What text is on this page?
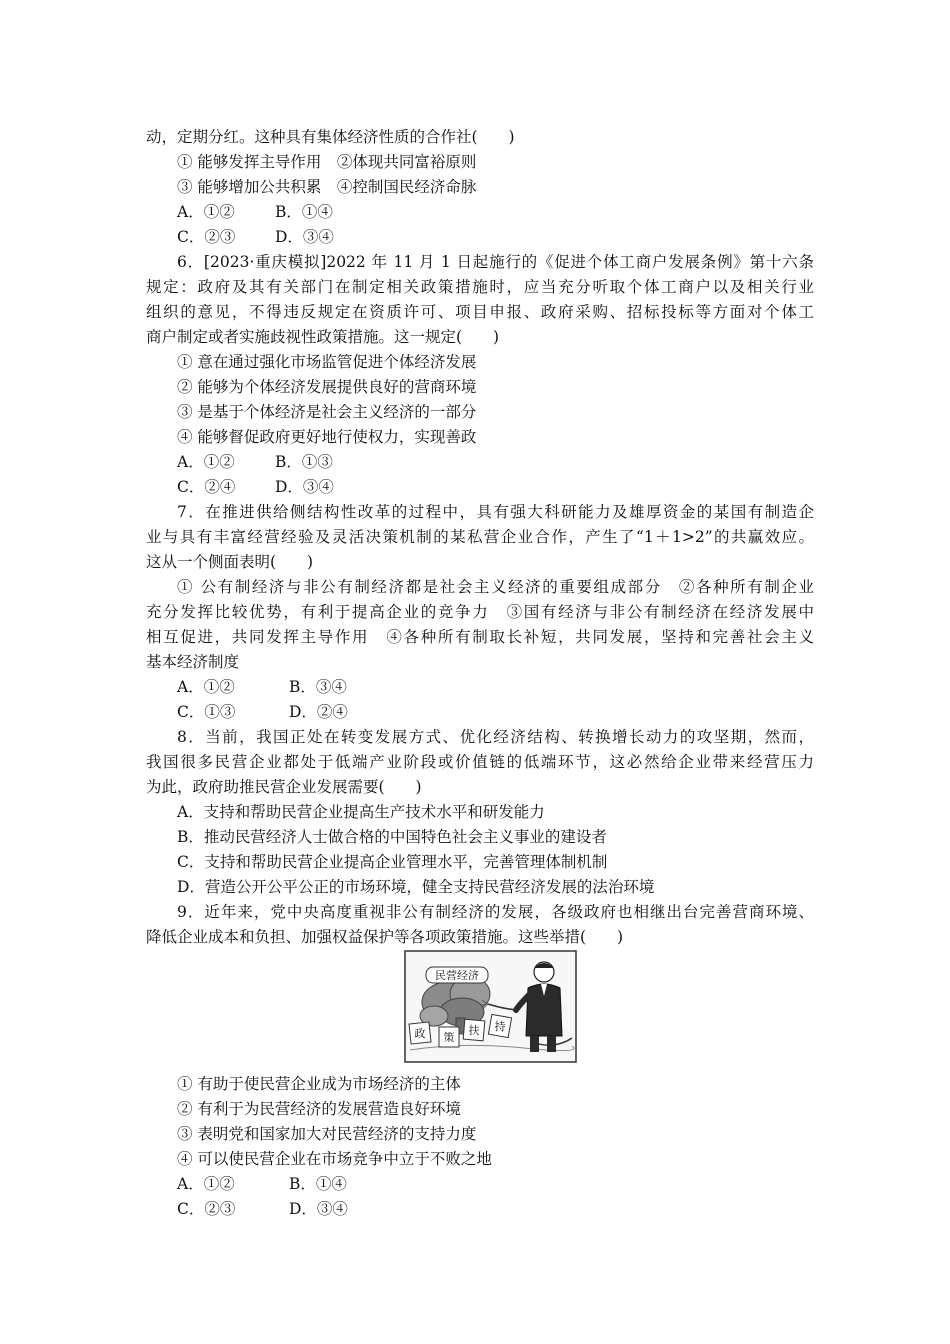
动，定期分红。这种具有集体经济性质的合作社(　　)
① 能够发挥主导作用　②体现共同富裕原则
③ 能够增加公共积累　④控制国民经济命脉
A．①②	B．①④
C．②③	D．③④
6．[2023·重庆模拟]2022 年 11 月 1 日起施行的《促进个体工商户发展条例》第十六条
规定：政府及其有关部门在制定相关政策措施时，应当充分听取个体工商户以及相关行业
组织的意见，不得违反规定在资质许可、项目申报、政府采购、招标投标等方面对个体工
商户制定或者实施歧视性政策措施。这一规定(　　)
① 意在通过强化市场监管促进个体经济发展
② 能够为个体经济发展提供良好的营商环境
③ 是基于个体经济是社会主义经济的一部分
④ 能够督促政府更好地行使权力，实现善政
A．①②	B．①③
C．②④	D．③④
7．在推进供给侧结构性改革的过程中，具有强大科研能力及雄厚资金的某国有制造企
业与具有丰富经营经验及灵活决策机制的某私营企业合作，产生了“1＋1>2”的共赢效应。
这从一个侧面表明(　　)
① 公有制经济与非公有制经济都是社会主义经济的重要组成部分　②各种所有制企业
充分发挥比较优势，有利于提高企业的竞争力　③国有经济与非公有制经济在经济发展中
相互促进，共同发挥主导作用　④各种所有制取长补短，共同发展，坚持和完善社会主义
基本经济制度
A．①②	B．③④
C．①③	D．②④
8．当前，我国正处在转变发展方式、优化经济结构、转换增长动力的攻坚期，然而，
我国很多民营企业都处于低端产业阶段或价值链的低端环节，这必然给企业带来经营压力
为此，政府助推民营企业发展需要(　　)
A．支持和帮助民营企业提高生产技术水平和研发能力
B．推动民营经济人士做合格的中国特色社会主义事业的建设者
C．支持和帮助民营企业提高企业管理水平，完善管理体制机制
D．营造公开公平公正的市场环境，健全支持民营经济发展的法治环境
9．近年来，党中央高度重视非公有制经济的发展，各级政府也相继出台完善营商环境、
降低企业成本和负担、加强权益保护等各项政策措施。这些举措(　　)
民营经济
政 策
扶 持
① 有助于使民营企业成为市场经济的主体
② 有利于为民营经济的发展营造良好环境
③ 表明党和国家加大对民营经济的支持力度
④ 可以使民营企业在市场竞争中立于不败之地
A．①②	B．①④
C．②③	D．③④
